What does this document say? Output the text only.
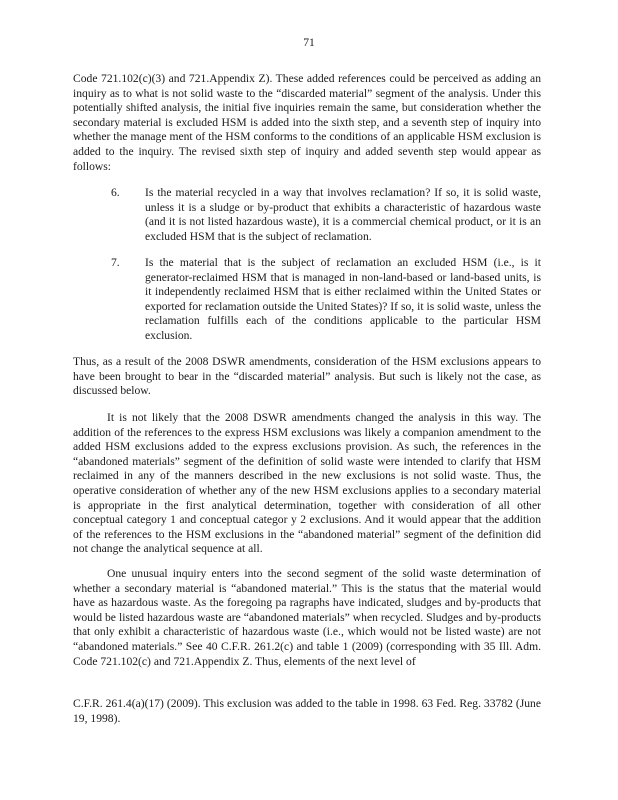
71

Code 721.102(c)(3) and 721.Appendix Z). These added references could be perceived as adding an inquiry as to what is not solid waste to the “discarded material” segment of the analysis. Under this potentially shifted analysis, the initial five inquiries remain the same, but consideration whether the secondary material is excluded HSM is added into the sixth step, and a seventh step of inquiry into whether the manage ment of the HSM conforms to the conditions of an applicable HSM exclusion is added to the inquiry. The revised sixth step of inquiry and added seventh step would appear as follows:

6.	Is the material recycled in a way that involves reclamation? If so, it is solid waste, unless it is a sludge or by-product that exhibits a characteristic of hazardous waste (and it is not listed hazardous waste), it is a commercial chemical product, or it is an excluded HSM that is the subject of reclamation.
7.	Is the material that is the subject of reclamation an excluded HSM (i.e., is it generator-reclaimed HSM that is managed in non-land-based or land-based units, is it independently reclaimed HSM that is either reclaimed within the United States or exported for reclamation outside the United States)? If so, it is solid waste, unless the reclamation fulfills each of the conditions applicable to the particular HSM exclusion.

Thus, as a result of the 2008 DSWR amendments, consideration of the HSM exclusions appears to have been brought to bear in the “discarded material” analysis. But such is likely not the case, as discussed below.

It is not likely that the 2008 DSWR amendments changed the analysis in this way. The addition of the references to the express HSM exclusions was likely a companion amendment to the added HSM exclusions added to the express exclusions provision. As such, the references in the “abandoned materials” segment of the definition of solid waste were intended to clarify that HSM reclaimed in any of the manners described in the new exclusions is not solid waste. Thus, the operative consideration of whether any of the new HSM exclusions applies to a secondary material is appropriate in the first analytical determination, together with consideration of all other conceptual category 1 and conceptual categor y 2 exclusions. And it would appear that the addition of the references to the HSM exclusions in the “abandoned material” segment of the definition did not change the analytical sequence at all.

One unusual inquiry enters into the second segment of the solid waste determination of whether a secondary material is “abandoned material.” This is the status that the material would have as hazardous waste. As the foregoing pa ragraphs have indicated, sludges and by-products that would be listed hazardous waste are “abandoned materials” when recycled. Sludges and by-products that only exhibit a characteristic of hazardous waste (i.e., which would not be listed waste) are not “abandoned materials.” See 40 C.F.R. 261.2(c) and table 1 (2009) (corresponding with 35 Ill. Adm. Code 721.102(c) and 721.Appendix Z. Thus, elements of the next level of

C.F.R. 261.4(a)(17) (2009). This exclusion was added to the table in 1998. 63 Fed. Reg. 33782 (June 19, 1998).
